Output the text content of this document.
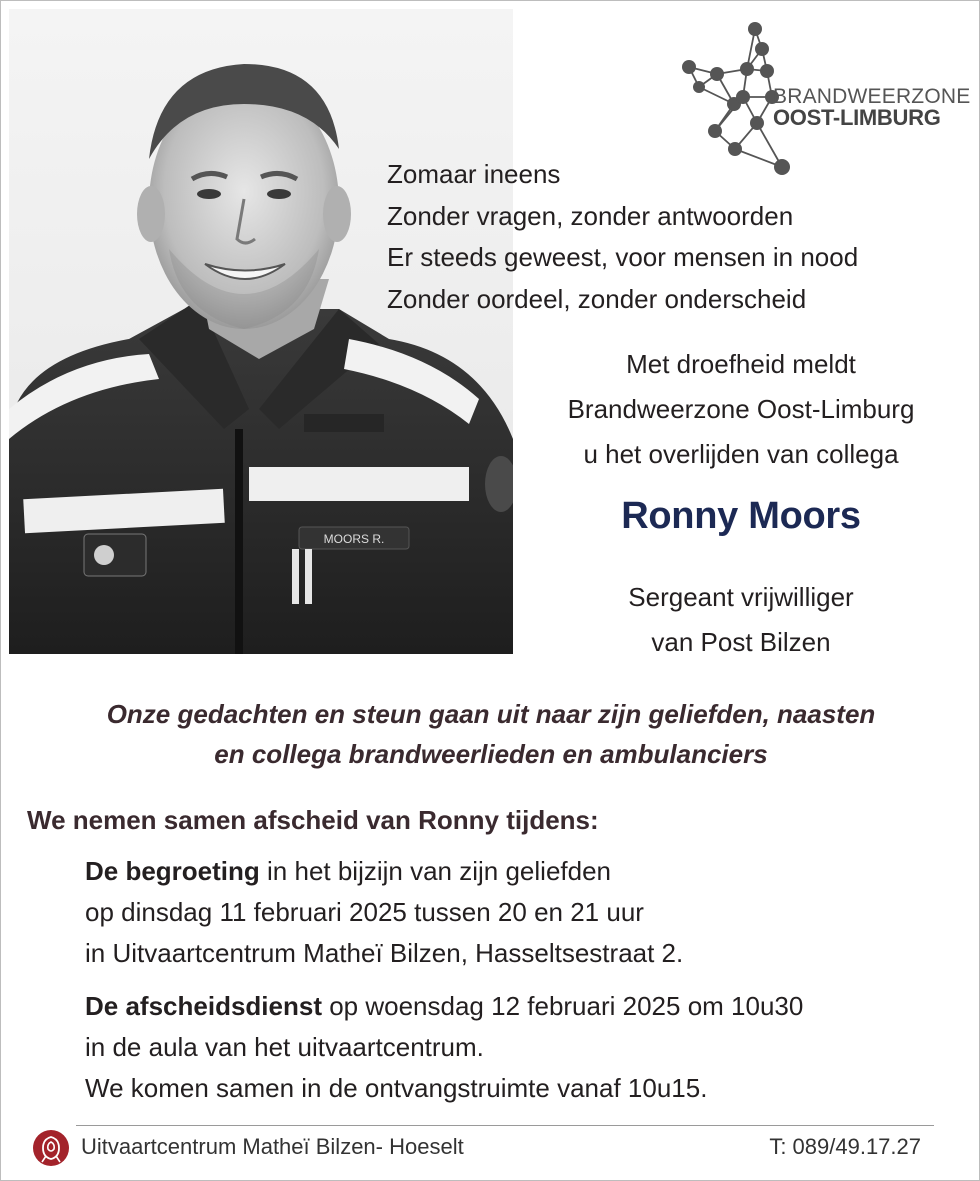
MOORS R.
BRANDWEERZONE
OOST-LIMBURG
Zomaar ineens
Zonder vragen, zonder antwoorden
Er steeds geweest, voor mensen in nood
Zonder oordeel, zonder onderscheid
Met droefheid meldt
Brandweerzone Oost-Limburg
u het overlijden van collega
Ronny Moors
Sergeant vrijwilliger
van Post Bilzen
Onze gedachten en steun gaan uit naar zijn geliefden, naasten
en collega brandweerlieden en ambulanciers
We nemen samen afscheid van Ronny tijdens:
De begroeting in het bijzijn van zijn geliefden
op dinsdag 11 februari 2025 tussen 20 en 21 uur
in Uitvaartcentrum Matheï Bilzen, Hasseltsestraat 2.
De afscheidsdienst op woensdag 12 februari 2025 om 10u30
in de aula van het uitvaartcentrum.
We komen samen in de ontvangstruimte vanaf 10u15.
Uitvaartcentrum Matheï Bilzen- Hoeselt	T: 089/49.17.27
